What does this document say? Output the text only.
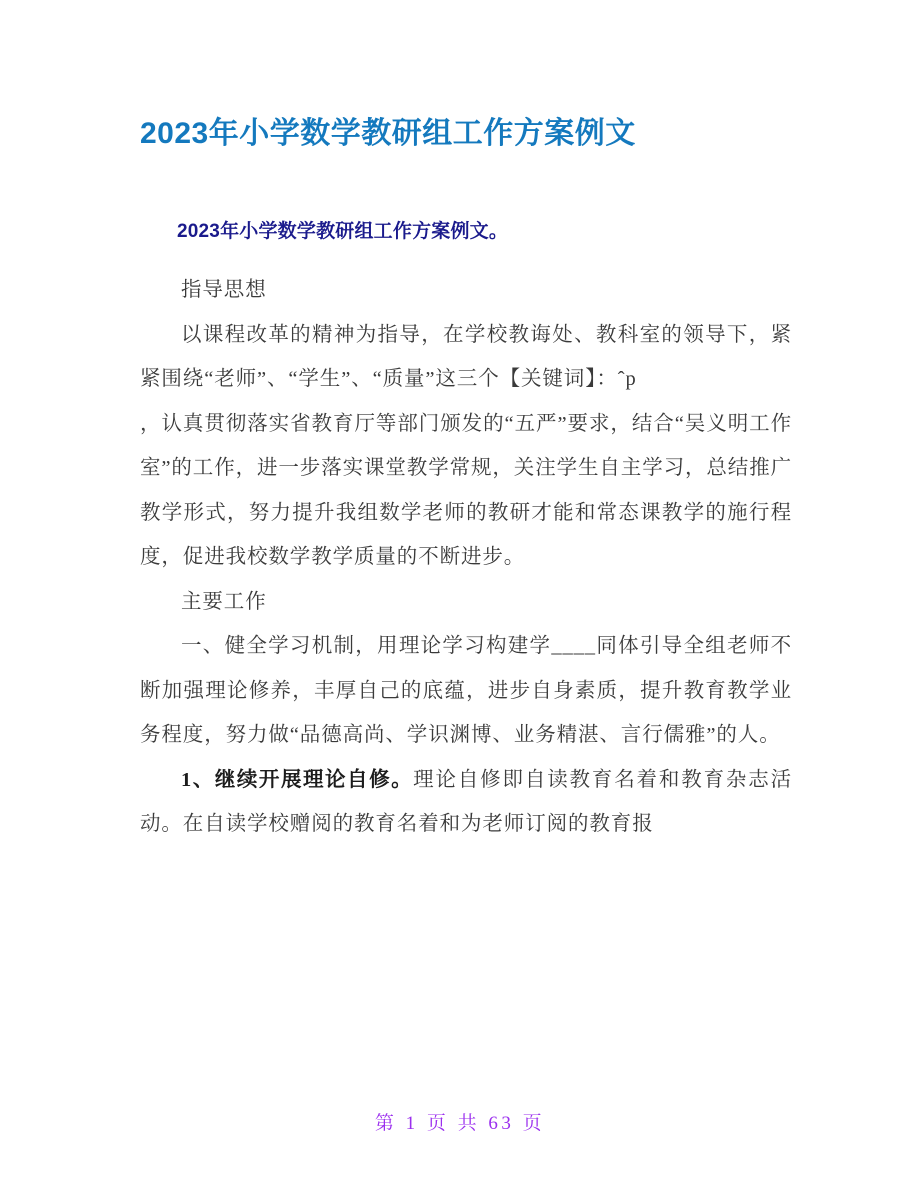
2023年小学数学教研组工作方案例文
2023年小学数学教研组工作方案例文。

指导思想

以课程改革的精神为指导，在学校教诲处、教科室的领导下，紧紧围绕“老师”、“学生”、“质量”这三个【关键词】：ˆp

，认真贯彻落实省教育厅等部门颁发的“五严”要求，结合“吴义明工作室”的工作，进一步落实课堂教学常规，关注学生自主学习，总结推广教学形式，努力提升我组数学老师的教研才能和常态课教学的施行程度，促进我校数学教学质量的不断进步。

主要工作

一、健全学习机制，用理论学习构建学____同体引导全组老师不断加强理论修养，丰厚自己的底蕴，进步自身素质，提升教育教学业务程度，努力做“品德高尚、学识渊博、业务精湛、言行儒雅”的人。

1、继续开展理论自修。理论自修即自读教育名着和教育杂志活动。在自读学校赠阅的教育名着和为老师订阅的教育报

第 1 页 共 63 页
